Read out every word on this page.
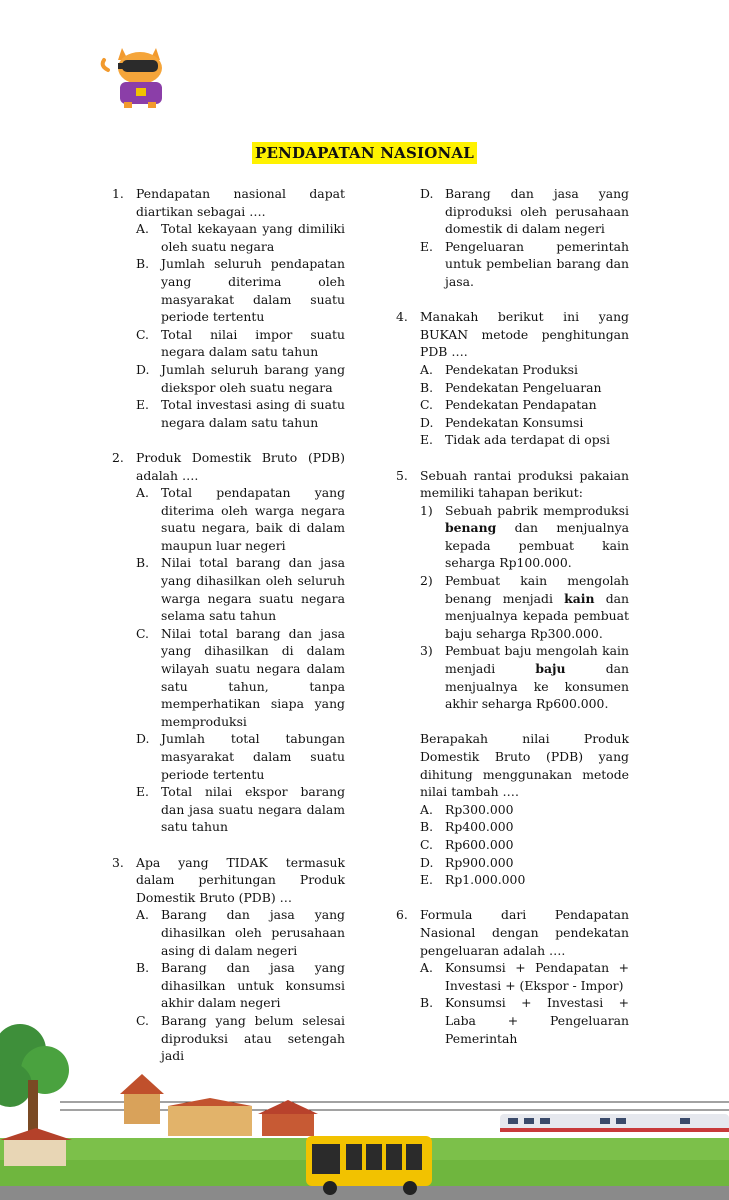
PENDAPATAN NASIONAL
1. Pendapatan nasional dapat diartikan sebagai ….
A. Total kekayaan yang dimiliki oleh suatu negara
B. Jumlah seluruh pendapatan yang diterima oleh masyarakat dalam suatu periode tertentu
C. Total nilai impor suatu negara dalam satu tahun
D. Jumlah seluruh barang yang diekspor oleh suatu negara
E. Total investasi asing di suatu negara dalam satu tahun
2. Produk Domestik Bruto (PDB) adalah ….
A. Total pendapatan yang diterima oleh warga negara suatu negara, baik di dalam maupun luar negeri
B. Nilai total barang dan jasa yang dihasilkan oleh seluruh warga negara suatu negara selama satu tahun
C. Nilai total barang dan jasa yang dihasilkan di dalam wilayah suatu negara dalam satu tahun, tanpa memperhatikan siapa yang memproduksi
D. Jumlah total tabungan masyarakat dalam suatu periode tertentu
E. Total nilai ekspor barang dan jasa suatu negara dalam satu tahun
3. Apa yang TIDAK termasuk dalam perhitungan Produk Domestik Bruto (PDB) …
A. Barang dan jasa yang dihasilkan oleh perusahaan asing di dalam negeri
B. Barang dan jasa yang dihasilkan untuk konsumsi akhir dalam negeri
C. Barang yang belum selesai diproduksi atau setengah jadi
D. Barang dan jasa yang diproduksi oleh perusahaan domestik di dalam negeri
E. Pengeluaran pemerintah untuk pembelian barang dan jasa.
4. Manakah berikut ini yang BUKAN metode penghitungan PDB ….
A. Pendekatan Produksi
B. Pendekatan Pengeluaran
C. Pendekatan Pendapatan
D. Pendekatan Konsumsi
E. Tidak ada terdapat di opsi
5. Sebuah rantai produksi pakaian memiliki tahapan berikut:
1) Sebuah pabrik memproduksi benang dan menjualnya kepada pembuat kain seharga Rp100.000.
2) Pembuat kain mengolah benang menjadi kain dan menjualnya kepada pembuat baju seharga Rp300.000.
3) Pembuat baju mengolah kain menjadi baju dan menjualnya ke konsumen akhir seharga Rp600.000.
Berapakah nilai Produk Domestik Bruto (PDB) yang dihitung menggunakan metode nilai tambah ….
A. Rp300.000
B. Rp400.000
C. Rp600.000
D. Rp900.000
E. Rp1.000.000
6. Formula dari Pendapatan Nasional dengan pendekatan pengeluaran adalah ….
A. Konsumsi + Pendapatan + Investasi + (Ekspor - Impor)
B. Konsumsi + Investasi + Laba + Pengeluaran Pemerintah
